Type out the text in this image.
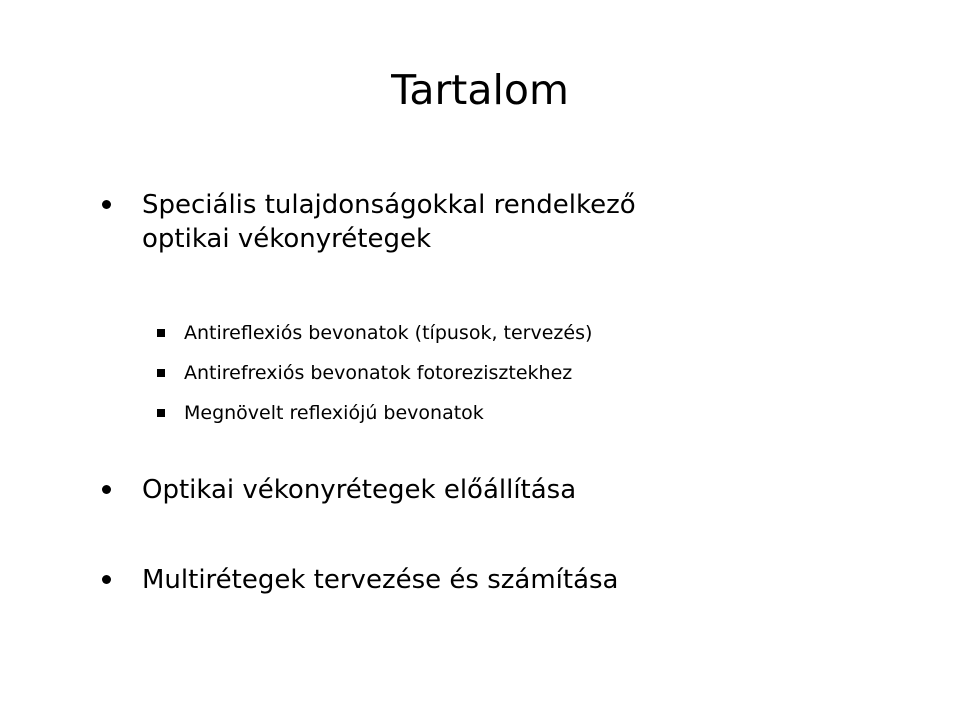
Tartalom
Speciális tulajdonságokkal rendelkező
optikai vékonyrétegek
Antireflexiós bevonatok (típusok, tervezés)
Antirefrexiós bevonatok fotorezisztekhez
Megnövelt reflexiójú bevonatok
Optikai vékonyrétegek előállítása
Multirétegek tervezése és számítása
